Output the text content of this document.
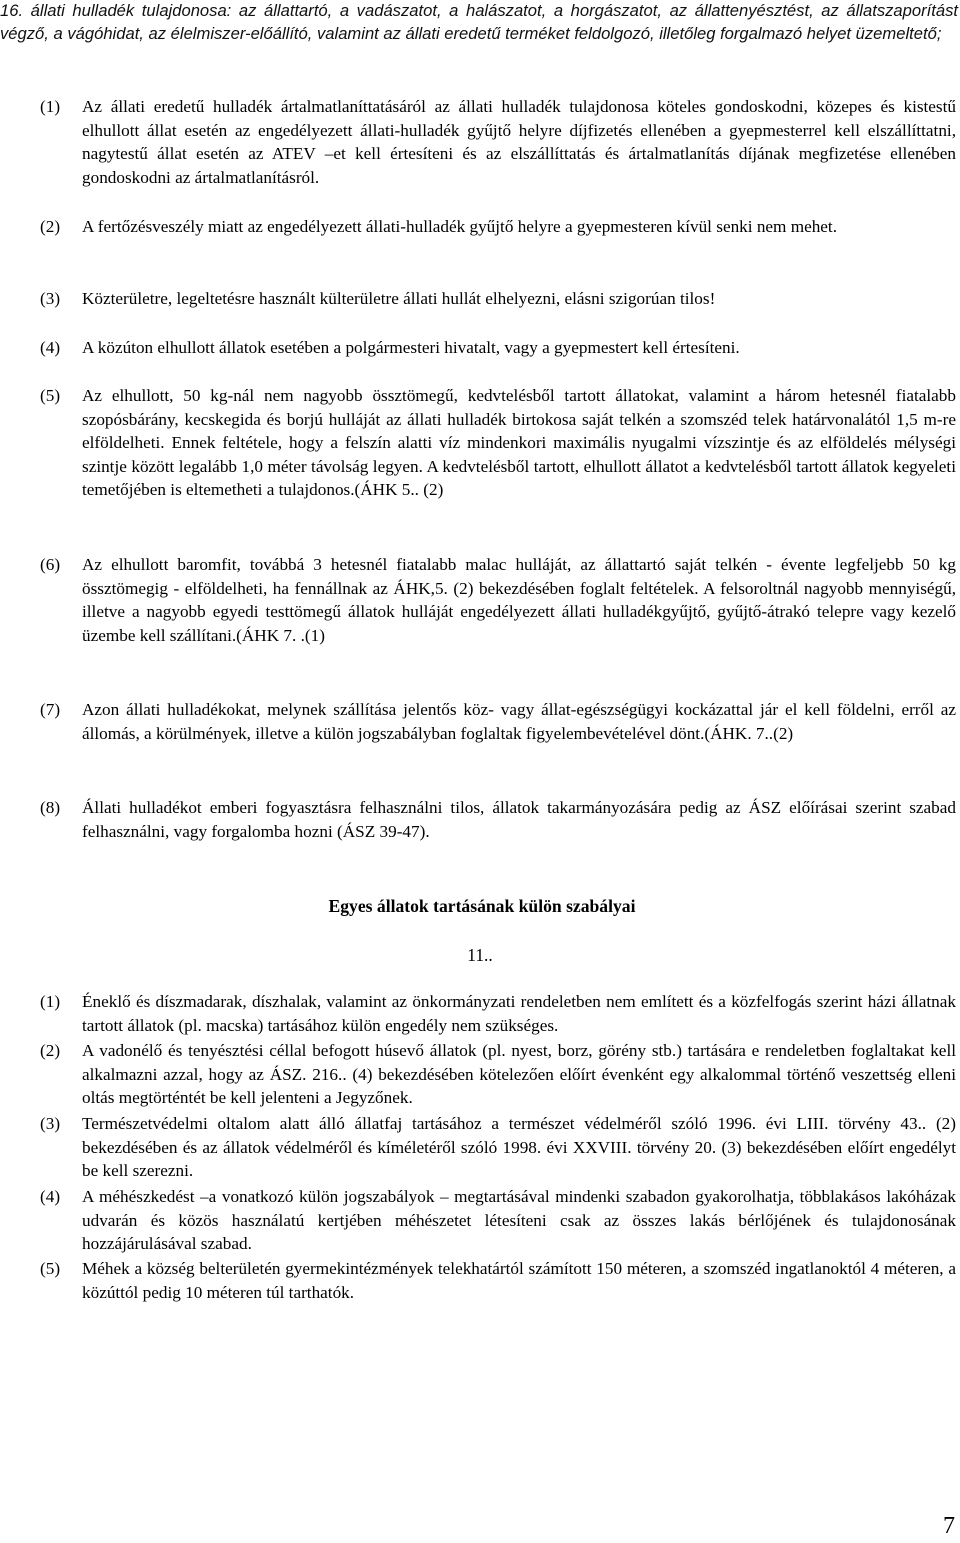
16. állati hulladék tulajdonosa: az állattartó, a vadászatot, a halászatot, a horgászatot, az állattenyésztést, az állatszaporítást végző, a vágóhidat, az élelmiszer-előállító, valamint az állati eredetű terméket feldolgozó, illetőleg forgalmazó helyet üzemeltető;
(1) Az állati eredetű hulladék ártalmatlaníttatásáról az állati hulladék tulajdonosa köteles gondoskodni, közepes és kistestű elhullott állat esetén az engedélyezett állati-hulladék gyűjtő helyre díjfizetés ellenében a gyepmesterrel kell elszállíttatni, nagytestű állat esetén az ATEV –et kell értesíteni és az elszállíttatás és ártalmatlanítás díjának megfizetése ellenében gondoskodni az ártalmatlanításról.
(2) A fertőzésveszély miatt az engedélyezett állati-hulladék gyűjtő helyre a gyepmesteren kívül senki nem mehet.
(3) Közterületre, legeltetésre használt külterületre állati hullát elhelyezni, elásni szigorúan tilos!
(4) A közúton elhullott állatok esetében a polgármesteri hivatalt, vagy a gyepmestert kell értesíteni.
(5) Az elhullott, 50 kg-nál nem nagyobb össztömegű, kedvtelésből tartott állatokat, valamint a három hetesnél fiatalabb szopósbárány, kecskegida és borjú hulláját az állati hulladék birtokosa saját telkén a szomszéd telek határvonalától 1,5 m-re elföldelheti. Ennek feltétele, hogy a felszín alatti víz mindenkori maximális nyugalmi vízszintje és az elföldelés mélységi szintje között legalább 1,0 méter távolság legyen. A kedvtelésből tartott, elhullott állatot a kedvtelésből tartott állatok kegyeleti temetőjében is eltemetheti a tulajdonos.(ÁHK 5.. (2)
(6) Az elhullott baromfit, továbbá 3 hetesnél fiatalabb malac hulláját, az állattartó saját telkén - évente legfeljebb 50 kg össztömegig - elföldelheti, ha fennállnak az ÁHK,5. (2) bekezdésében foglalt feltételek. A felsoroltnál nagyobb mennyiségű, illetve a nagyobb egyedi testtömegű állatok hulláját engedélyezett állati hulladékgyűjtő, gyűjtő-átrakó telepre vagy kezelő üzembe kell szállítani.(ÁHK 7. .(1)
(7) Azon állati hulladékokat, melynek szállítása jelentős köz- vagy állat-egészségügyi kockázattal jár el kell földelni, erről az állomás, a körülmények, illetve a külön jogszabályban foglaltak figyelembevételével dönt.(ÁHK. 7..(2)
(8) Állati hulladékot emberi fogyasztásra felhasználni tilos, állatok takarmányozására pedig az ÁSZ előírásai szerint szabad felhasználni, vagy forgalomba hozni (ÁSZ 39-47).
Egyes állatok tartásának külön szabályai
11..
(1) Éneklő és díszmadarak, díszhalak, valamint az önkormányzati rendeletben nem említett és a közfelfogás szerint házi állatnak tartott állatok (pl. macska) tartásához külön engedély nem szükséges.
(2) A vadonélő és tenyésztési céllal befogott húsevő állatok (pl. nyest, borz, görény stb.) tartására e rendeletben foglaltakat kell alkalmazni azzal, hogy az ÁSZ. 216.. (4) bekezdésében kötelezően előírt évenként egy alkalommal történő veszettség elleni oltás megtörténtét be kell jelenteni a Jegyzőnek.
(3) Természetvédelmi oltalom alatt álló állatfaj tartásához a természet védelméről szóló 1996. évi LIII. törvény 43.. (2) bekezdésében és az állatok védelméről és kíméletéről szóló 1998. évi XXVIII. törvény 20. (3) bekezdésében előírt engedélyt be kell szerezni.
(4) A méhészkedést –a vonatkozó külön jogszabályok – megtartásával mindenki szabadon gyakorolhatja, többlakásos lakóházak udvarán és közös használatú kertjében méhészetet létesíteni csak az összes lakás bérlőjének és tulajdonosának hozzájárulásával szabad.
(5) Méhek a község belterületén gyermekintézmények telekhatártól számított 150 méteren, a szomszéd ingatlanoktól 4 méteren, a közúttól pedig 10 méteren túl tarthatók.
7
